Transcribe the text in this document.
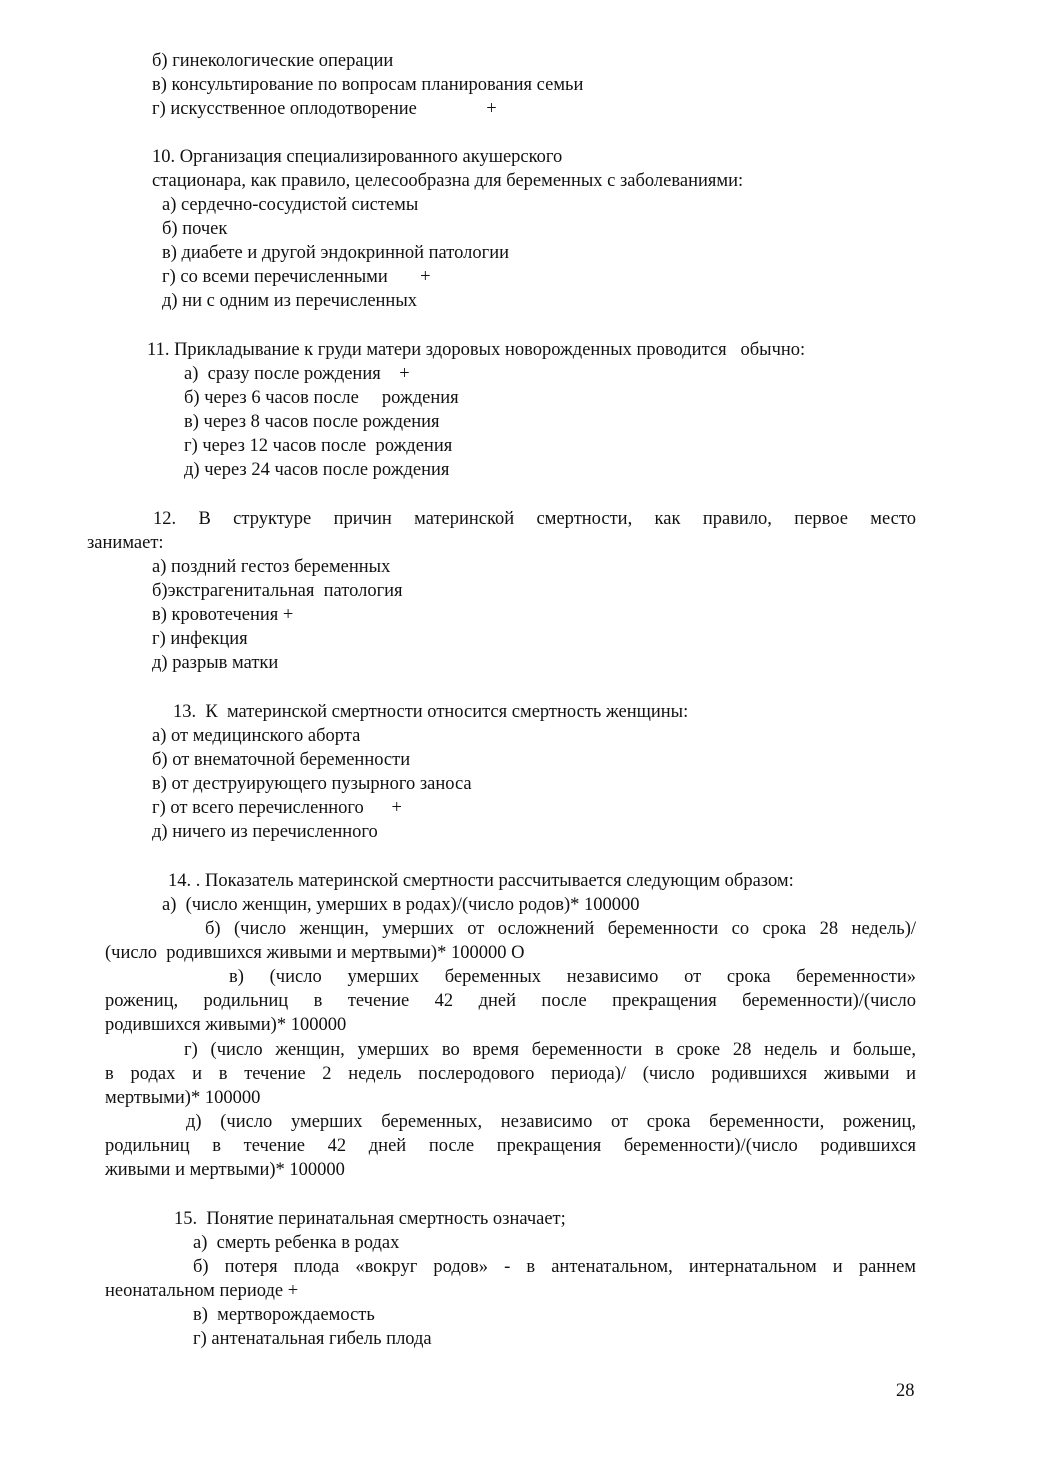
б) гинекологические операции
в) консультирование по вопросам планирования семьи
г) искусственное оплодотворение               +
10. Организация специализированного акушерского
стационара, как правило, целесообразна для беременных с заболеваниями:
а) сердечно-сосудистой системы
б) почек
в) диабете и другой эндокринной патологии
г) со всеми перечисленными       +
д) ни с одним из перечисленных
11. Прикладывание к груди матери здоровых новорожденных проводится   обычно:
а)  сразу после рождения    +
б) через 6 часов после     рождения
в) через 8 часов после рождения
г) через 12 часов после  рождения
д) через 24 часов после рождения
12. В структуре причин материнской смертности, как правило, первое место
занимает:
а) поздний гестоз беременных
б)экстрагенитальная  патология
в) кровотечения +
г) инфекция
д) разрыв матки
13.  К  материнской смертности относится смертность женщины:
а) от медицинского аборта
б) от внематочной беременности
в) от деструирующего пузырного заноса
г) от всего перечисленного      +
д) ничего из перечисленного
14. . Показатель материнской смертности рассчитывается следующим образом:
а)  (число женщин, умерших в родах)/(число родов)* 100000
б) (число женщин, умерших от осложнений беременности со срока 28 недель)/
(число  родившихся живыми и мертвыми)* 100000 О
в) (число умерших беременных независимо от срока беременности»
рожениц, родильниц в течение 42 дней после прекращения беременности)/(число
родившихся живыми)* 100000
г) (число женщин, умерших во время беременности в сроке 28 недель и больше,
в родах и в течение 2 недель послеродового периода)/ (число родившихся живыми и
мертвыми)* 100000
д) (число умерших беременных, независимо от срока беременности, рожениц,
родильниц в течение 42 дней после прекращения беременности)/(число родившихся
живыми и мертвыми)* 100000
15.  Понятие перинатальная смертность означает;
а)  смерть ребенка в родах
б) потеря плода «вокруг родов» - в антенатальном, интернатальном и раннем
неонатальном периоде +
в)  мертворождаемость
г) антенатальная гибель плода
28
